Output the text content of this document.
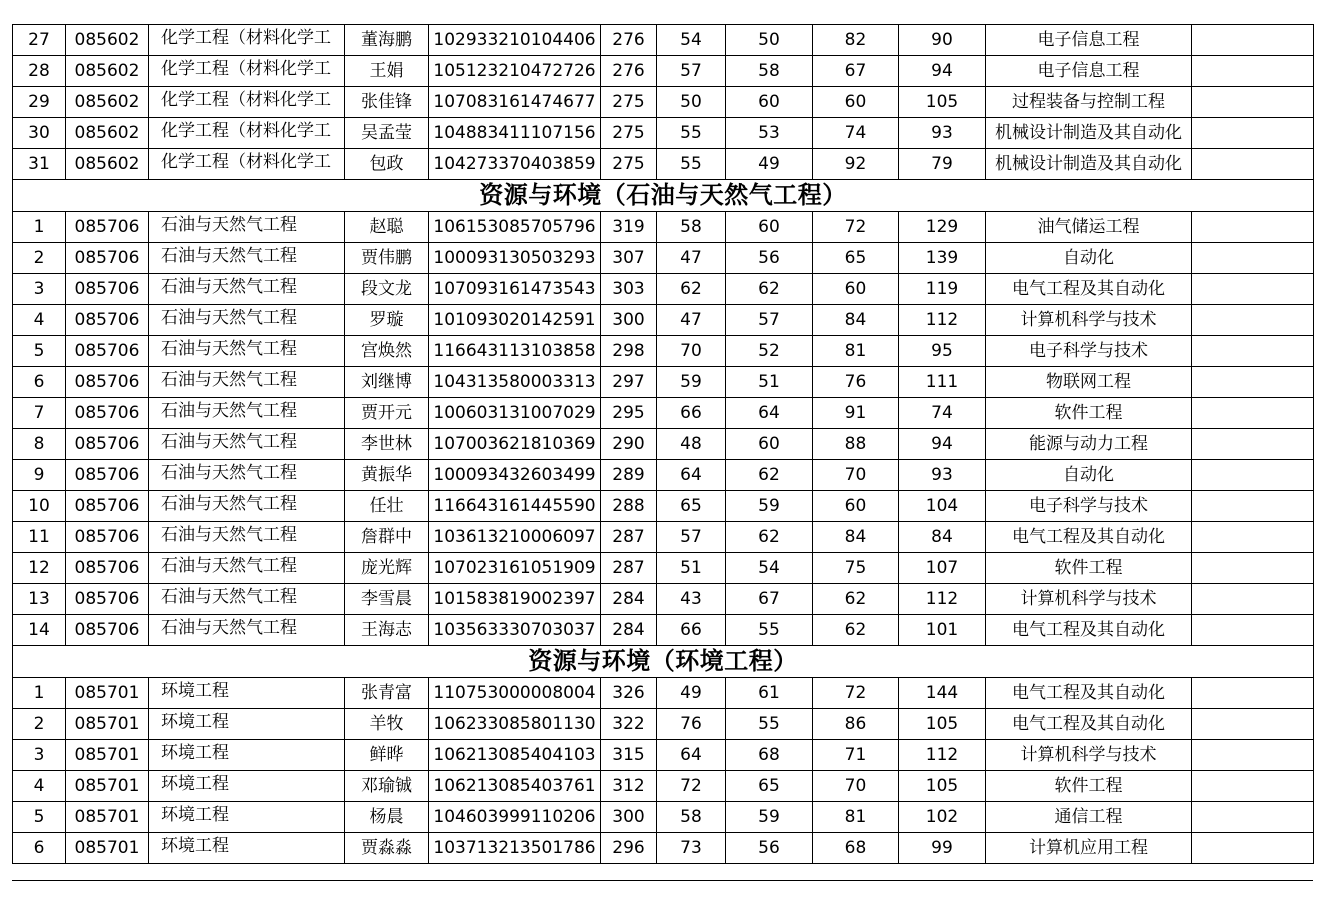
27	085602	化学工程（材料化学工	董海鹏	102933210104406	276	54	50	82	90	电子信息工程	
28	085602	化学工程（材料化学工	王娟	105123210472726	276	57	58	67	94	电子信息工程	
29	085602	化学工程（材料化学工	张佳锋	107083161474677	275	50	60	60	105	过程装备与控制工程	
30	085602	化学工程（材料化学工	吴孟莹	104883411107156	275	55	53	74	93	机械设计制造及其自动化	
31	085602	化学工程（材料化学工	包政	104273370403859	275	55	49	92	79	机械设计制造及其自动化	
资源与环境（石油与天然气工程）											
1	085706	石油与天然气工程	赵聪	106153085705796	319	58	60	72	129	油气储运工程	
2	085706	石油与天然气工程	贾伟鹏	100093130503293	307	47	56	65	139	自动化	
3	085706	石油与天然气工程	段文龙	107093161473543	303	62	62	60	119	电气工程及其自动化	
4	085706	石油与天然气工程	罗璇	101093020142591	300	47	57	84	112	计算机科学与技术	
5	085706	石油与天然气工程	宫焕然	116643113103858	298	70	52	81	95	电子科学与技术	
6	085706	石油与天然气工程	刘继博	104313580003313	297	59	51	76	111	物联网工程	
7	085706	石油与天然气工程	贾开元	100603131007029	295	66	64	91	74	软件工程	
8	085706	石油与天然气工程	李世林	107003621810369	290	48	60	88	94	能源与动力工程	
9	085706	石油与天然气工程	黄振华	100093432603499	289	64	62	70	93	自动化	
10	085706	石油与天然气工程	任壮	116643161445590	288	65	59	60	104	电子科学与技术	
11	085706	石油与天然气工程	詹群中	103613210006097	287	57	62	84	84	电气工程及其自动化	
12	085706	石油与天然气工程	庞光辉	107023161051909	287	51	54	75	107	软件工程	
13	085706	石油与天然气工程	李雪晨	101583819002397	284	43	67	62	112	计算机科学与技术	
14	085706	石油与天然气工程	王海志	103563330703037	284	66	55	62	101	电气工程及其自动化	
资源与环境（环境工程）											
1	085701	环境工程	张青富	110753000008004	326	49	61	72	144	电气工程及其自动化	
2	085701	环境工程	羊牧	106233085801130	322	76	55	86	105	电气工程及其自动化	
3	085701	环境工程	鲜晔	106213085404103	315	64	68	71	112	计算机科学与技术	
4	085701	环境工程	邓瑜铖	106213085403761	312	72	65	70	105	软件工程	
5	085701	环境工程	杨晨	104603999110206	300	58	59	81	102	通信工程	
6	085701	环境工程	贾淼淼	103713213501786	296	73	56	68	99	计算机应用工程	
